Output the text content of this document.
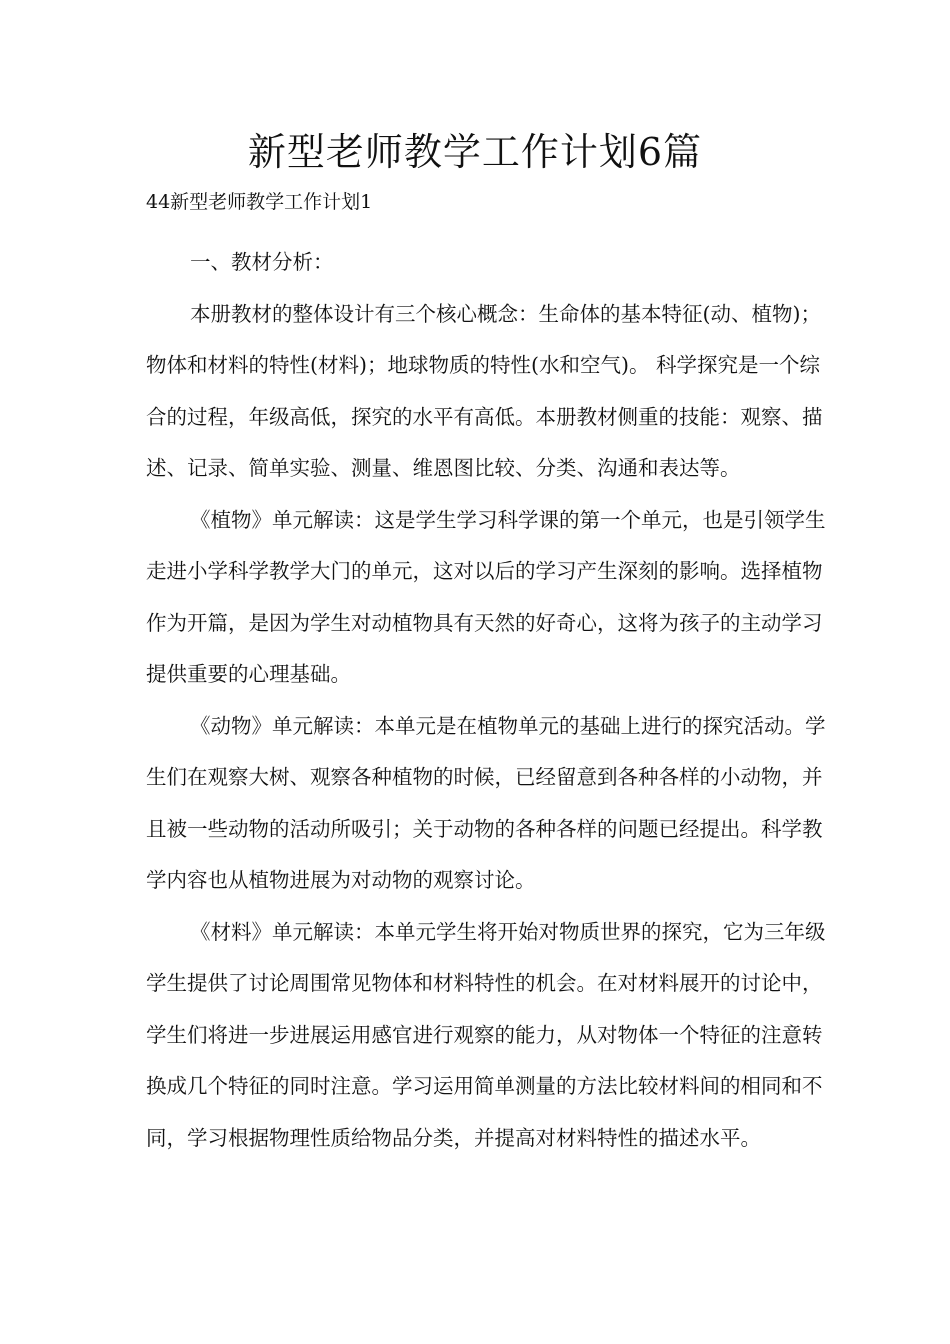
新型老师教学工作计划6篇

44新型老师教学工作计划1

一、教材分析：

本册教材的整体设计有三个核心概念：生命体的基本特征(动、植物)；物体和材料的特性(材料)；地球物质的特性(水和空气)。 科学探究是一个综合的过程，年级高低，探究的水平有高低。本册教材侧重的技能：观察、描述、记录、简单实验、测量、维恩图比较、分类、沟通和表达等。

《植物》单元解读：这是学生学习科学课的第一个单元，也是引领学生走进小学科学教学大门的单元，这对以后的学习产生深刻的影响。选择植物作为开篇，是因为学生对动植物具有天然的好奇心，这将为孩子的主动学习提供重要的心理基础。

《动物》单元解读：本单元是在植物单元的基础上进行的探究活动。学生们在观察大树、观察各种植物的时候，已经留意到各种各样的小动物，并且被一些动物的活动所吸引；关于动物的各种各样的问题已经提出。科学教学内容也从植物进展为对动物的观察讨论。

《材料》单元解读：本单元学生将开始对物质世界的探究，它为三年级学生提供了讨论周围常见物体和材料特性的机会。在对材料展开的讨论中，学生们将进一步进展运用感官进行观察的能力，从对物体一个特征的注意转换成几个特征的同时注意。学习运用简单测量的方法比较材料间的相同和不同，学习根据物理性质给物品分类，并提高对材料特性的描述水平。
